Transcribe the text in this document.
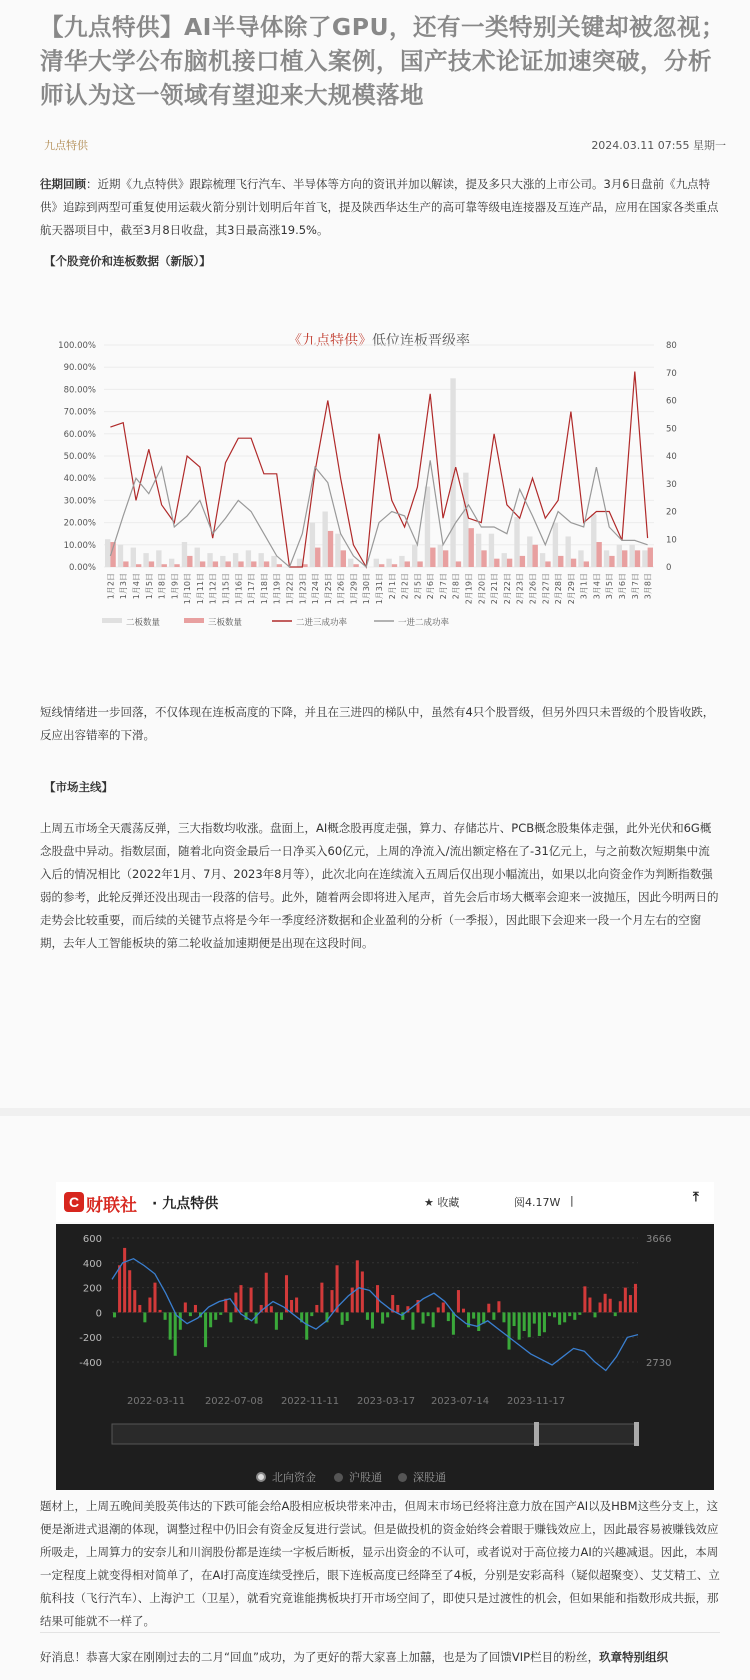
【九点特供】AI半导体除了GPU，还有一类特别关键却被忽视；清华大学公布脑机接口植入案例，国产技术论证加速突破，分析师认为这一领域有望迎来大规模落地
九点特供	2024.03.11 07:55 星期一

往期回顾：近期《九点特供》跟踪梳理飞行汽车、半导体等方向的资讯并加以解读，提及多只大涨的上市公司。3月6日盘前《九点特供》追踪到两型可重复使用运载火箭分别计划明后年首飞，提及陕西华达生产的高可靠等级电连接器及互连产品，应用在国家各类重点航天器项目中，截至3月8日收盘，其3日最高涨19.5%。

【个股竞价和连板数据（新版）】
《九点特供》低位连板晋级率
100.00%
90.00%
80.00%
70.00%
60.00%
50.00%
40.00%
30.00%
20.00%
10.00%
0.00%
80
70
60
50
40
30
20
10
0
1月2日 1月3日 1月4日 1月5日 1月8日 1月9日 1月10日 1月11日 1月12日 1月15日 1月16日 1月17日 1月18日 1月19日 1月22日 1月23日 1月24日 1月25日 1月26日 1月29日 1月30日 1月31日 2月1日 2月2日 2月5日 2月6日 2月7日 2月8日 2月19日 2月20日 2月21日 2月22日 2月23日 2月26日 2月27日 2月28日 2月29日 3月1日 3月4日 3月5日 3月6日 3月7日 3月8日
二板数量	三板数量	二进三成功率	一进二成功率

短线情绪进一步回落，不仅体现在连板高度的下降，并且在三进四的梯队中，虽然有4只个股晋级，但另外四只未晋级的个股皆收跌，反应出容错率的下滑。

【市场主线】

上周五市场全天震荡反弹，三大指数均收涨。盘面上，AI概念股再度走强，算力、存储芯片、PCB概念股集体走强，此外光伏和6G概念股盘中异动。指数层面，随着北向资金最后一日净买入60亿元，上周的净流入/流出额定格在了-31亿元上，与之前数次短期集中流入后的情况相比（2022年1月、7月、2023年8月等），此次北向在连续流入五周后仅出现小幅流出，如果以北向资金作为判断指数强弱的参考，此轮反弹还没出现击一段落的信号。此外，随着两会即将进入尾声，首先会后市场大概率会迎来一波抛压，因此今明两日的走势会比较重要，而后续的关键节点将是今年一季度经济数据和企业盈利的分析（一季报），因此眼下会迎来一段一个月左右的空窗期，去年人工智能板块的第二轮收益加速期便是出现在这段时间。

C 财联社 · 九点特供	★ 收藏	阅4.17W |	⤒
600
400
200
0
-200
-400
3666
2730
2022-03-11 2022-07-08 2022-11-11 2023-03-17 2023-07-14 2023-11-17
北向资金	沪股通	深股通

题材上，上周五晚间美股英伟达的下跌可能会给A股相应板块带来冲击，但周末市场已经将注意力放在国产AI以及HBM这些分支上，这便是渐进式退潮的体现，调整过程中仍旧会有资金反复进行尝试。但是做投机的资金始终会着眼于赚钱效应上，因此最容易被赚钱效应所吸走，上周算力的安奈儿和川润股份都是连续一字板后断板，显示出资金的不认可，或者说对于高位接力AI的兴趣减退。因此，本周一定程度上就变得相对简单了，在AI打高度连续受挫后，眼下连板高度已经降至了4板，分别是安彩高科（疑似超聚变）、艾艾精工、立航科技（飞行汽车）、上海沪工（卫星），就看究竟谁能携板块打开市场空间了，即使只是过渡性的机会，但如果能和指数形成共振，那结果可能就不一样了。

好消息！恭喜大家在刚刚过去的二月“回血”成功，为了更好的帮大家喜上加囍，也是为了回馈VIP栏目的粉丝，玖章特别组织
